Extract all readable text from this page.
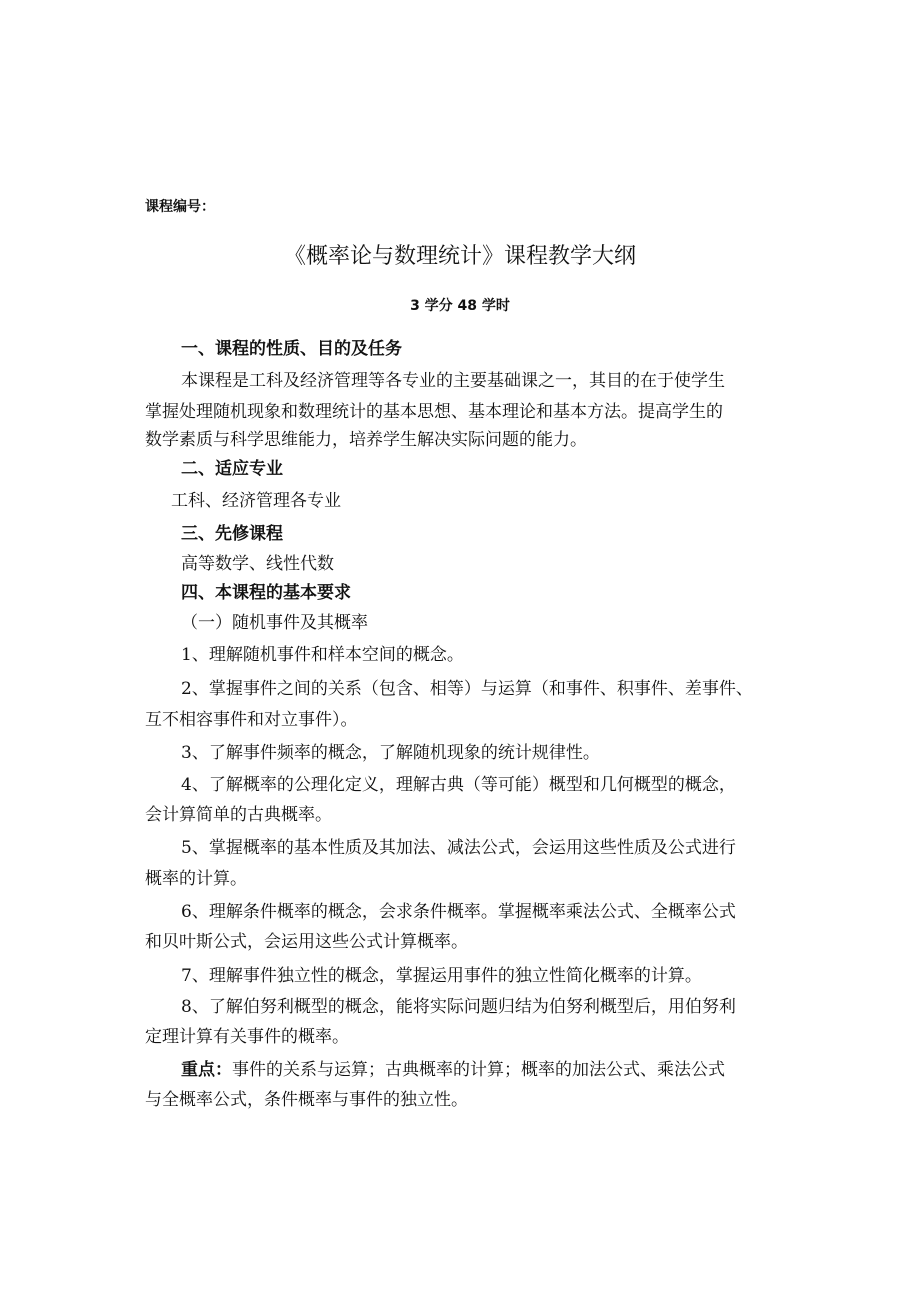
课程编号：
《概率论与数理统计》课程教学大纲
3 学分 48 学时
一、课程的性质、目的及任务
本课程是工科及经济管理等各专业的主要基础课之一，其目的在于使学生
掌握处理随机现象和数理统计的基本思想、基本理论和基本方法。提高学生的
数学素质与科学思维能力，培养学生解决实际问题的能力。
二、适应专业
工科、经济管理各专业
三、先修课程
高等数学、线性代数
四、本课程的基本要求
（一）随机事件及其概率
1、理解随机事件和样本空间的概念。
2、掌握事件之间的关系（包含、相等）与运算（和事件、积事件、差事件、
互不相容事件和对立事件）。
3、了解事件频率的概念，了解随机现象的统计规律性。
4、了解概率的公理化定义，理解古典（等可能）概型和几何概型的概念，
会计算简单的古典概率。
5、掌握概率的基本性质及其加法、减法公式，会运用这些性质及公式进行
概率的计算。
6、理解条件概率的概念，会求条件概率。掌握概率乘法公式、全概率公式
和贝叶斯公式，会运用这些公式计算概率。
7、理解事件独立性的概念，掌握运用事件的独立性简化概率的计算。
8、了解伯努利概型的概念，能将实际问题归结为伯努利概型后，用伯努利
定理计算有关事件的概率。
重点：事件的关系与运算；古典概率的计算；概率的加法公式、乘法公式
与全概率公式，条件概率与事件的独立性。
